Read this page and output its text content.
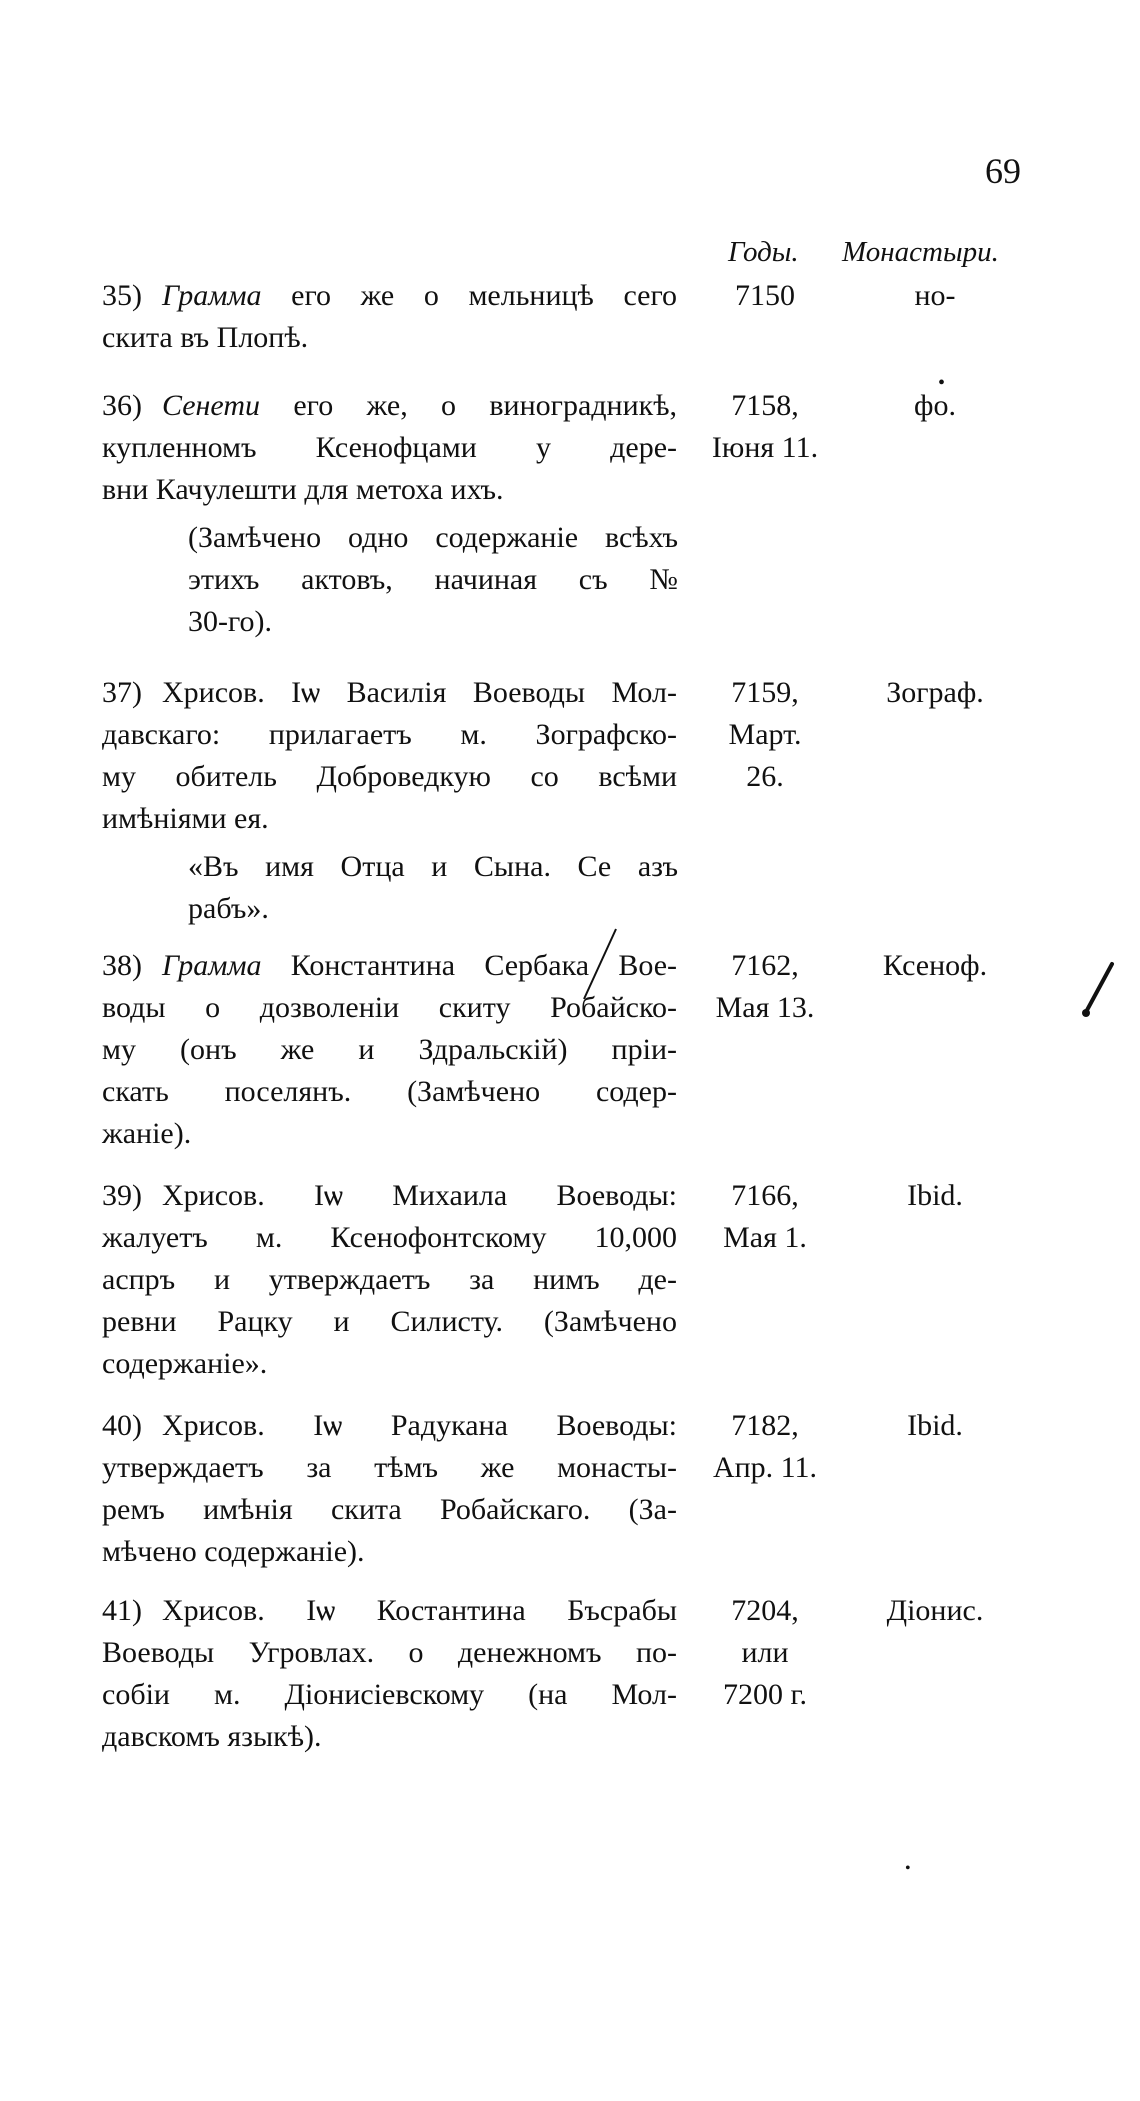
69
Годы. Монастыри.
35) Грамма его же о мельницѣ сего
скита въ Плопѣ.
7150	но-
36) Сенети его же, о виноградникѣ,
купленномъ Ксенофцами у дере-
вни Качулешти для метоха ихъ.
(Замѣчено одно содержаніе всѣхъ
этихъ актовъ, начиная съ №
30-го).
7158,
Іюня 11.
фо.
37) Хрисов. Іѡ Василія Воеводы Мол-
давскаго: прилагаетъ м. Зографско-
му обитель Доброведкую со всѣми
имѣніями ея.
«Въ имя Отца и Сына. Се азъ
рабъ».
7159,
Март.
26.
Зограф.
38) Грамма Константина Сербака Вое-
воды о дозволеніи скиту Робайско-
му (онъ же и Здральскій) пріи-
скать поселянъ. (Замѣчено содер-
жаніе).
7162,
Мая 13.
Ксеноф.
39) Хрисов. Іѡ Михаила Воеводы:
жалуетъ м. Ксенофонтскому 10,000
аспръ и утверждаетъ за нимъ де-
ревни Рацку и Силисту. (Замѣчено
содержаніе».
7166,
Мая 1.
Ibid.
40) Хрисов. Іѡ Радукана Воеводы:
утверждаетъ за тѣмъ же монасты-
ремъ имѣнія скита Робайскаго. (За-
мѣчено содержаніе).
7182,
Апр. 11.
Ibid.
41) Хрисов. Іѡ Костантина Бъсрабы
Воеводы Угровлах. о денежномъ по-
собіи м. Діонисіевскому (на Мол-
давскомъ языкѣ).
7204,
или
7200 г.
Діонис.
•
•
